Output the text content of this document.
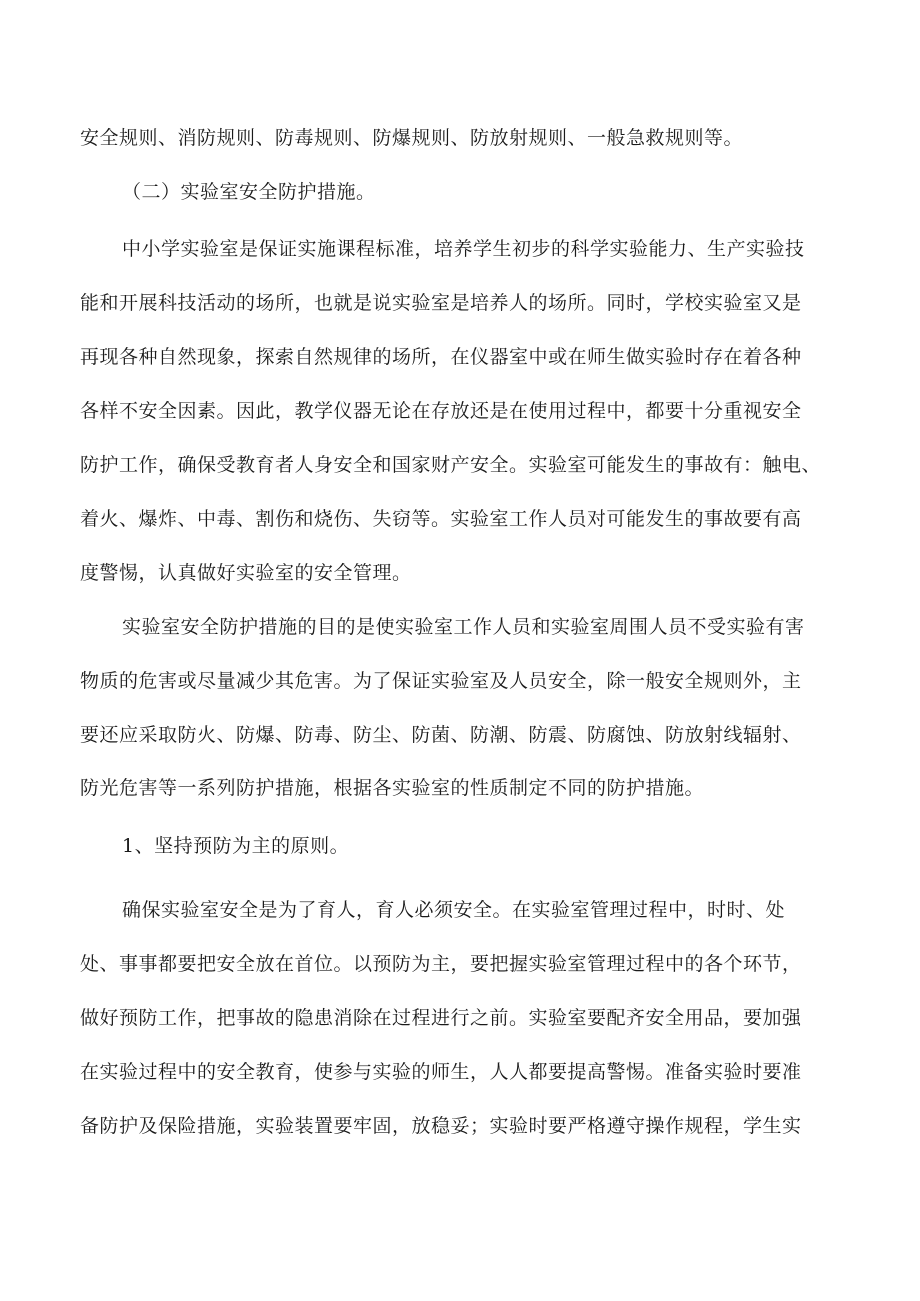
安全规则、消防规则、防毒规则、防爆规则、防放射规则、一般急救规则等。
（二）实验室安全防护措施。
中小学实验室是保证实施课程标准，培养学生初步的科学实验能力、生产实验技
能和开展科技活动的场所，也就是说实验室是培养人的场所。同时，学校实验室又是
再现各种自然现象，探索自然规律的场所，在仪器室中或在师生做实验时存在着各种
各样不安全因素。因此，教学仪器无论在存放还是在使用过程中，都要十分重视安全
防护工作，确保受教育者人身安全和国家财产安全。实验室可能发生的事故有：触电、
着火、爆炸、中毒、割伤和烧伤、失窃等。实验室工作人员对可能发生的事故要有高
度警惕，认真做好实验室的安全管理。
实验室安全防护措施的目的是使实验室工作人员和实验室周围人员不受实验有害
物质的危害或尽量减少其危害。为了保证实验室及人员安全，除一般安全规则外，主
要还应采取防火、防爆、防毒、防尘、防菌、防潮、防震、防腐蚀、防放射线辐射、
防光危害等一系列防护措施，根据各实验室的性质制定不同的防护措施。
1、坚持预防为主的原则。
确保实验室安全是为了育人，育人必须安全。在实验室管理过程中，时时、处
处、事事都要把安全放在首位。以预防为主，要把握实验室管理过程中的各个环节，
做好预防工作，把事故的隐患消除在过程进行之前。实验室要配齐安全用品，要加强
在实验过程中的安全教育，使参与实验的师生，人人都要提高警惕。准备实验时要准
备防护及保险措施，实验装置要牢固，放稳妥；实验时要严格遵守操作规程，学生实
